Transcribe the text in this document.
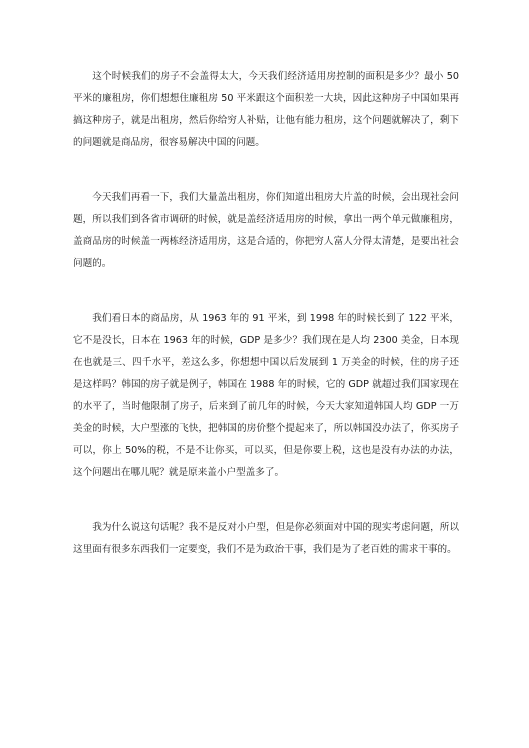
这个时候我们的房子不会盖得太大，今天我们经济适用房控制的面积是多少？最小 50 平米的廉租房，你们想想住廉租房 50 平米跟这个面积差一大块，因此这种房子中国如果再搞这种房子，就是出租房，然后你给穷人补贴，让他有能力租房，这个问题就解决了，剩下的问题就是商品房，很容易解决中国的问题。

今天我们再看一下，我们大量盖出租房，你们知道出租房大片盖的时候，会出现社会问题，所以我们到各省市调研的时候，就是盖经济适用房的时候，拿出一两个单元做廉租房，盖商品房的时候盖一两栋经济适用房，这是合适的，你把穷人富人分得太清楚，是要出社会问题的。

我们看日本的商品房，从 1963 年的 91 平米，到 1998 年的时候长到了 122 平米，它不是没长，日本在 1963 年的时候，GDP 是多少？我们现在是人均 2300 美金，日本现在也就是三、四千水平，差这么多，你想想中国以后发展到 1 万美金的时候，住的房子还是这样吗？韩国的房子就是例子，韩国在 1988 年的时候，它的 GDP 就超过我们国家现在的水平了，当时他限制了房子，后来到了前几年的时候，今天大家知道韩国人均 GDP 一万美金的时候，大户型涨的飞快，把韩国的房价整个提起来了，所以韩国没办法了，你买房子可以，你上 50%的税，不是不让你买，可以买，但是你要上税，这也是没有办法的办法，这个问题出在哪儿呢？就是原来盖小户型盖多了。

我为什么说这句话呢？我不是反对小户型，但是你必须面对中国的现实考虑问题，所以这里面有很多东西我们一定要变，我们不是为政治干事，我们是为了老百姓的需求干事的。
